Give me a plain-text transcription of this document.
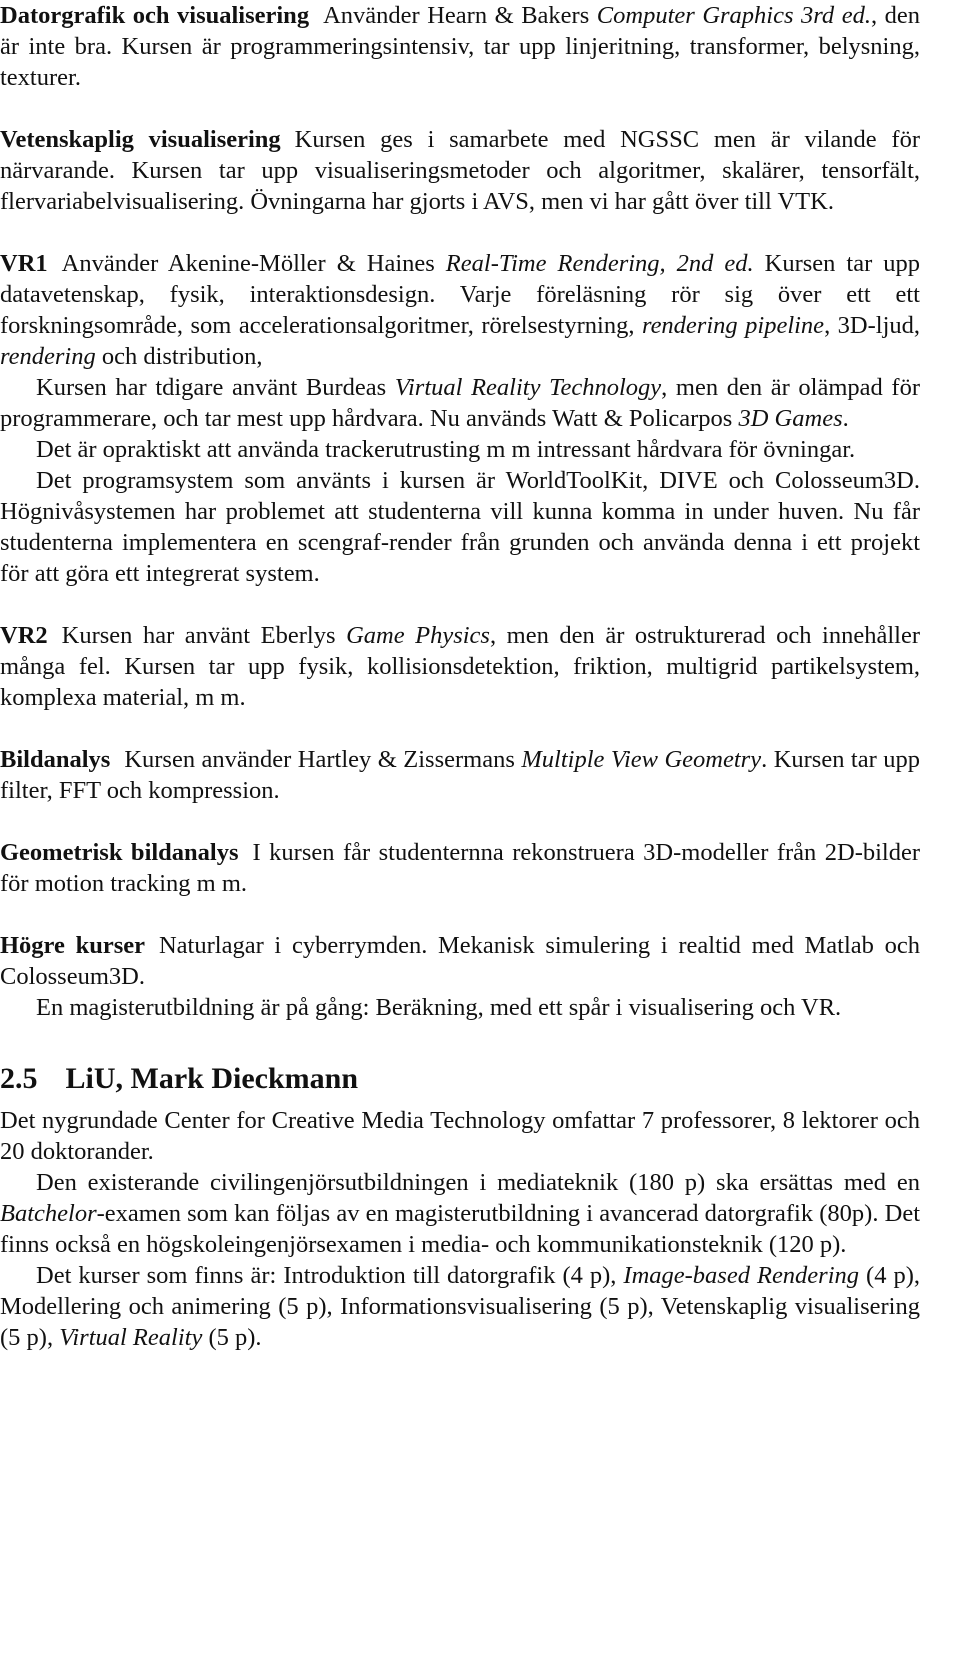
Datorgrafik och visualisering Använder Hearn & Bakers Computer Graphics 3rd ed., den är inte bra. Kursen är programmeringsintensiv, tar upp linjeritning, transformer, belysning, texturer.

Vetenskaplig visualisering Kursen ges i samarbete med NGSSC men är vilande för närvarande. Kursen tar upp visualiseringsmetoder och algoritmer, skalärer, tensorfält, flervariabelvisualisering. Övningarna har gjorts i AVS, men vi har gått över till VTK.

VR1 Använder Akenine-Möller & Haines Real-Time Rendering, 2nd ed. Kursen tar upp datavetenskap, fysik, interaktionsdesign. Varje föreläsning rör sig över ett ett forskningsområde, som accelerationsalgoritmer, rörelsestyrning, rendering pipeline, 3D-ljud, rendering och distribution,

Kursen har tdigare använt Burdeas Virtual Reality Technology, men den är olämpad för programmerare, och tar mest upp hårdvara. Nu används Watt & Policarpos 3D Games.

Det är opraktiskt att använda trackerutrusting m m intressant hårdvara för övningar.

Det programsystem som använts i kursen är WorldToolKit, DIVE och Colosseum3D. Högnivåsystemen har problemet att studenterna vill kunna komma in under huven. Nu får studenterna implementera en scengraf-render från grunden och använda denna i ett projekt för att göra ett integrerat system.

VR2 Kursen har använt Eberlys Game Physics, men den är ostrukturerad och innehåller många fel. Kursen tar upp fysik, kollisionsdetektion, friktion, multigrid partikelsystem, komplexa material, m m.

Bildanalys Kursen använder Hartley & Zissermans Multiple View Geometry. Kursen tar upp filter, FFT och kompression.

Geometrisk bildanalys I kursen får studenternna rekonstruera 3D-modeller från 2D-bilder för motion tracking m m.

Högre kurser Naturlagar i cyberrymden. Mekanisk simulering i realtid med Matlab och Colosseum3D.

En magisterutbildning är på gång: Beräkning, med ett spår i visualisering och VR.

2.5 LiU, Mark Dieckmann

Det nygrundade Center for Creative Media Technology omfattar 7 professorer, 8 lektorer och 20 doktorander.

Den existerande civilingenjörsutbildningen i mediateknik (180 p) ska ersättas med en Batchelor-examen som kan följas av en magisterutbildning i avancerad datorgrafik (80p). Det finns också en högskoleingenjörsexamen i media- och kommunikationsteknik (120 p).

Det kurser som finns är: Introduktion till datorgrafik (4 p), Image-based Rendering (4 p), Modellering och animering (5 p), Informationsvisualisering (5 p), Vetenskaplig visualisering (5 p), Virtual Reality (5 p).
